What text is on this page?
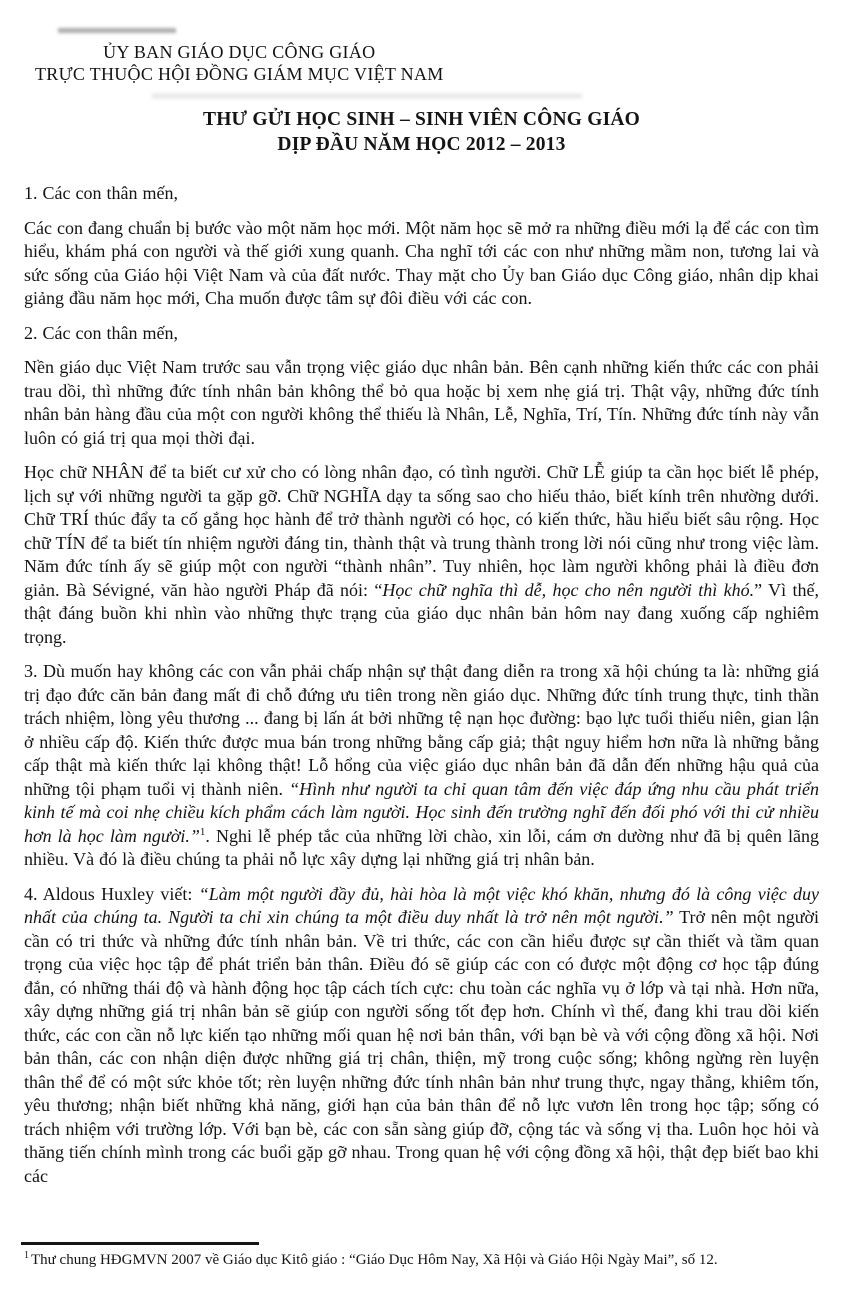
ỦY BAN GIÁO DỤC CÔNG GIÁO
TRỰC THUỘC HỘI ĐỒNG GIÁM MỤC VIỆT NAM
THƯ GỬI HỌC SINH – SINH VIÊN CÔNG GIÁO
DỊP ĐẦU NĂM HỌC 2012 – 2013

1. Các con thân mến,

Các con đang chuẩn bị bước vào một năm học mới. Một năm học sẽ mở ra những điều mới lạ để các con tìm hiểu, khám phá con người và thế giới xung quanh. Cha nghĩ tới các con như những mầm non, tương lai và sức sống của Giáo hội Việt Nam và của đất nước. Thay mặt cho Ủy ban Giáo dục Công giáo, nhân dịp khai giảng đầu năm học mới, Cha muốn được tâm sự đôi điều với các con.

2. Các con thân mến,

Nền giáo dục Việt Nam trước sau vẫn trọng việc giáo dục nhân bản. Bên cạnh những kiến thức các con phải trau dồi, thì những đức tính nhân bản không thể bỏ qua hoặc bị xem nhẹ giá trị. Thật vậy, những đức tính nhân bản hàng đầu của một con người không thể thiếu là Nhân, Lễ, Nghĩa, Trí, Tín. Những đức tính này vẫn luôn có giá trị qua mọi thời đại.

Học chữ NHÂN để ta biết cư xử cho có lòng nhân đạo, có tình người. Chữ LỄ giúp ta cần học biết lễ phép, lịch sự với những người ta gặp gỡ. Chữ NGHĨA dạy ta sống sao cho hiếu thảo, biết kính trên nhường dưới. Chữ TRÍ thúc đẩy ta cố gắng học hành để trở thành người có học, có kiến thức, hầu hiểu biết sâu rộng. Học chữ TÍN để ta biết tín nhiệm người đáng tin, thành thật và trung thành trong lời nói cũng như trong việc làm. Năm đức tính ấy sẽ giúp một con người “thành nhân”. Tuy nhiên, học làm người không phải là điều đơn giản. Bà Sévigné, văn hào người Pháp đã nói: “Học chữ nghĩa thì dễ, học cho nên người thì khó.” Vì thế, thật đáng buồn khi nhìn vào những thực trạng của giáo dục nhân bản hôm nay đang xuống cấp nghiêm trọng.

3. Dù muốn hay không các con vẫn phải chấp nhận sự thật đang diễn ra trong xã hội chúng ta là: những giá trị đạo đức căn bản đang mất đi chỗ đứng ưu tiên trong nền giáo dục. Những đức tính trung thực, tinh thần trách nhiệm, lòng yêu thương ... đang bị lấn át bởi những tệ nạn học đường: bạo lực tuổi thiếu niên, gian lận ở nhiều cấp độ. Kiến thức được mua bán trong những bằng cấp giả; thật nguy hiểm hơn nữa là những bằng cấp thật mà kiến thức lại không thật! Lỗ hổng của việc giáo dục nhân bản đã dẫn đến những hậu quả của những tội phạm tuổi vị thành niên. “Hình như người ta chỉ quan tâm đến việc đáp ứng nhu cầu phát triển kinh tế mà coi nhẹ chiều kích phẩm cách làm người. Học sinh đến trường nghĩ đến đối phó với thi cử nhiều hơn là học làm người.”$^1$. Nghi lễ phép tắc của những lời chào, xin lỗi, cám ơn dường như đã bị quên lãng nhiều. Và đó là điều chúng ta phải nỗ lực xây dựng lại những giá trị nhân bản.

4. Aldous Huxley viết: “Làm một người đầy đủ, hài hòa là một việc khó khăn, nhưng đó là công việc duy nhất của chúng ta. Người ta chỉ xin chúng ta một điều duy nhất là trở nên một người.” Trở nên một người cần có tri thức và những đức tính nhân bản. Về tri thức, các con cần hiểu được sự cần thiết và tầm quan trọng của việc học tập để phát triển bản thân. Điều đó sẽ giúp các con có được một động cơ học tập đúng đắn, có những thái độ và hành động học tập cách tích cực: chu toàn các nghĩa vụ ở lớp và tại nhà. Hơn nữa, xây dựng những giá trị nhân bản sẽ giúp con người sống tốt đẹp hơn. Chính vì thế, đang khi trau dồi kiến thức, các con cần nỗ lực kiến tạo những mối quan hệ nơi bản thân, với bạn bè và với cộng đồng xã hội. Nơi bản thân, các con nhận diện được những giá trị chân, thiện, mỹ trong cuộc sống; không ngừng rèn luyện thân thể để có một sức khỏe tốt; rèn luyện những đức tính nhân bản như trung thực, ngay thẳng, khiêm tốn, yêu thương; nhận biết những khả năng, giới hạn của bản thân để nỗ lực vươn lên trong học tập; sống có trách nhiệm với trường lớp. Với bạn bè, các con sẵn sàng giúp đỡ, cộng tác và sống vị tha. Luôn học hỏi và thăng tiến chính mình trong các buổi gặp gỡ nhau. Trong quan hệ với cộng đồng xã hội, thật đẹp biết bao khi các

$^1$ Thư chung HĐGMVN 2007 về Giáo dục Kitô giáo : “Giáo Dục Hôm Nay, Xã Hội và Giáo Hội Ngày Mai”, số 12.
